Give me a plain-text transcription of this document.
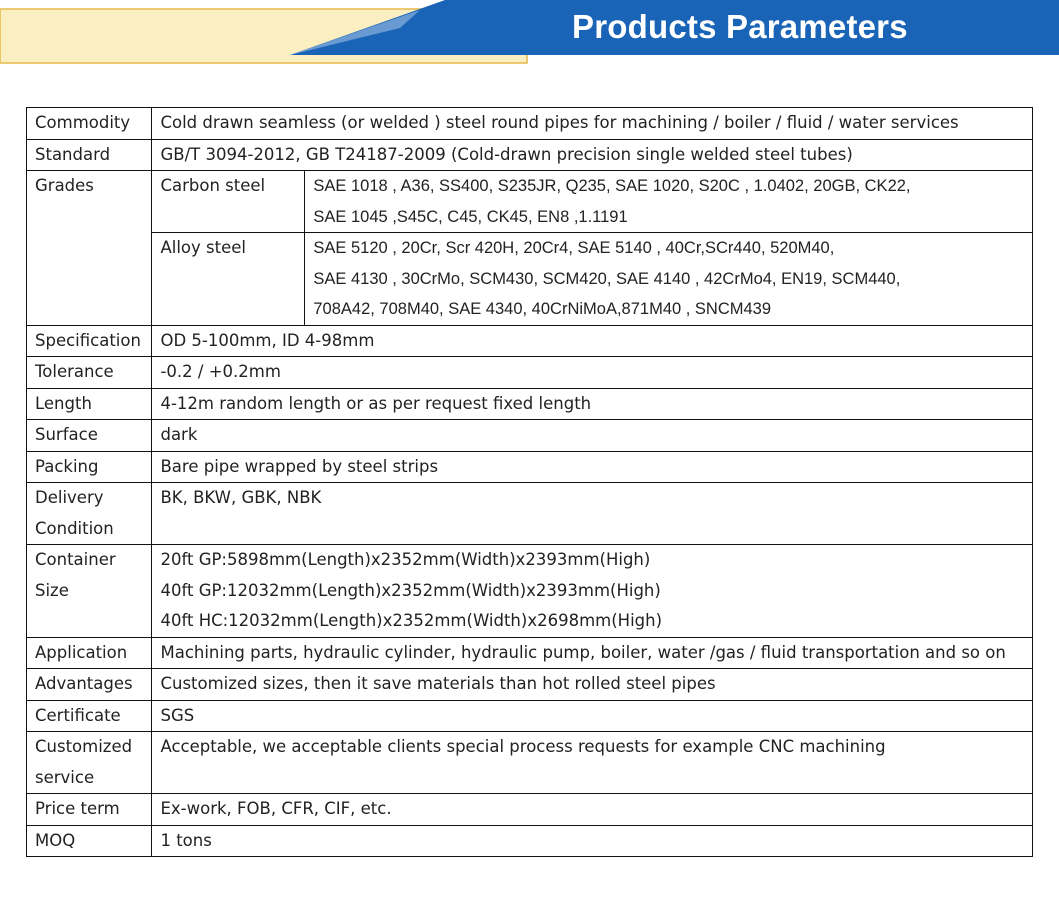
Products Parameters
Commodity	Cold drawn seamless (or welded ) steel round pipes for machining / boiler / fluid / water services	
Standard	GB/T 3094-2012, GB T24187-2009 (Cold-drawn precision single welded steel tubes)	
Grades	Carbon steel	SAE 1018 , A36, SS400, S235JR, Q235, SAE 1020, S20C , 1.0402, 20GB, CK22,
SAE 1045 ,S45C, C45, CK45, EN8 ,1.1191

	Alloy steel	SAE 5120 , 20Cr, Scr 420H, 20Cr4, SAE 5140 , 40Cr,SCr440, 520M40,
SAE 4130 , 30CrMo, SCM430, SCM420, SAE 4140 , 42CrMo4, EN19, SCM440,
708A42, 708M40, SAE 4340, 40CrNiMoA,871M40 , SNCM439

Specification	OD 5-100mm, ID 4-98mm	
Tolerance	-0.2 / +0.2mm	
Length	4-12m random length or as per request fixed length	
Surface	dark	
Packing	Bare pipe wrapped by steel strips	

Delivery
Condition	BK, BKW, GBK, NBK	

Container
Size	20ft GP:5898mm(Length)x2352mm(Width)x2393mm(High)
40ft GP:12032mm(Length)x2352mm(Width)x2393mm(High)
40ft HC:12032mm(Length)x2352mm(Width)x2698mm(High)	

Application	Machining parts, hydraulic cylinder, hydraulic pump, boiler, water /gas / fluid transportation and so on	
Advantages	Customized sizes, then it save materials than hot rolled steel pipes	
Certificate	SGS	

Customized
service	Acceptable, we acceptable clients special process requests for example CNC machining	
Price term	Ex-work, FOB, CFR, CIF, etc.	
MOQ	1 tons	
